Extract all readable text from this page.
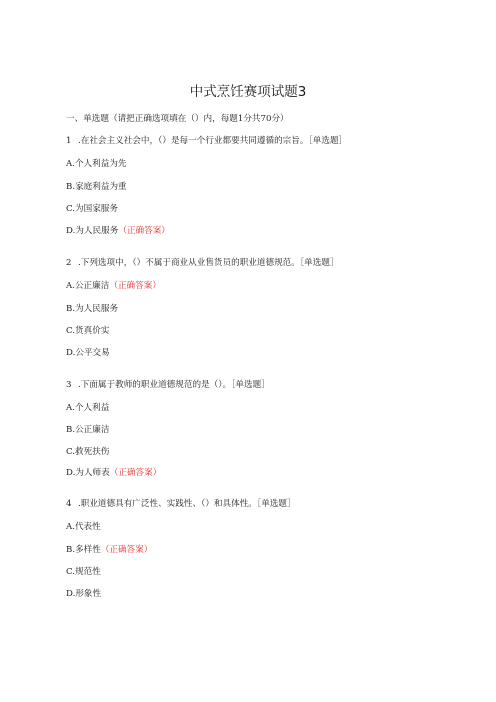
中式烹饪赛项试题3
一、单选题（请把正确选项填在（）内，每题1分共70分）
1 .在社会主义社会中，（）是每一个行业都要共同遵循的宗旨。［单选题］
A.个人利益为先
B.家庭利益为重
C.为国家服务
D.为人民服务（正确答案）
2 .下列选项中，（）不属于商业从业售货员的职业道德规范。［单选题］
A.公正廉洁（正确答案）
B.为人民服务
C.货真价实
D.公平交易
3 .下面属于教师的职业道德规范的是（）。［单选题］
A.个人利益
B.公正廉洁
C.救死扶伤
D.为人师表（正确答案）
4 .职业道德具有广泛性、实践性、（）和具体性。［单选题］
A.代表性
B.多样性（正确答案）
C.规范性
D.形象性
